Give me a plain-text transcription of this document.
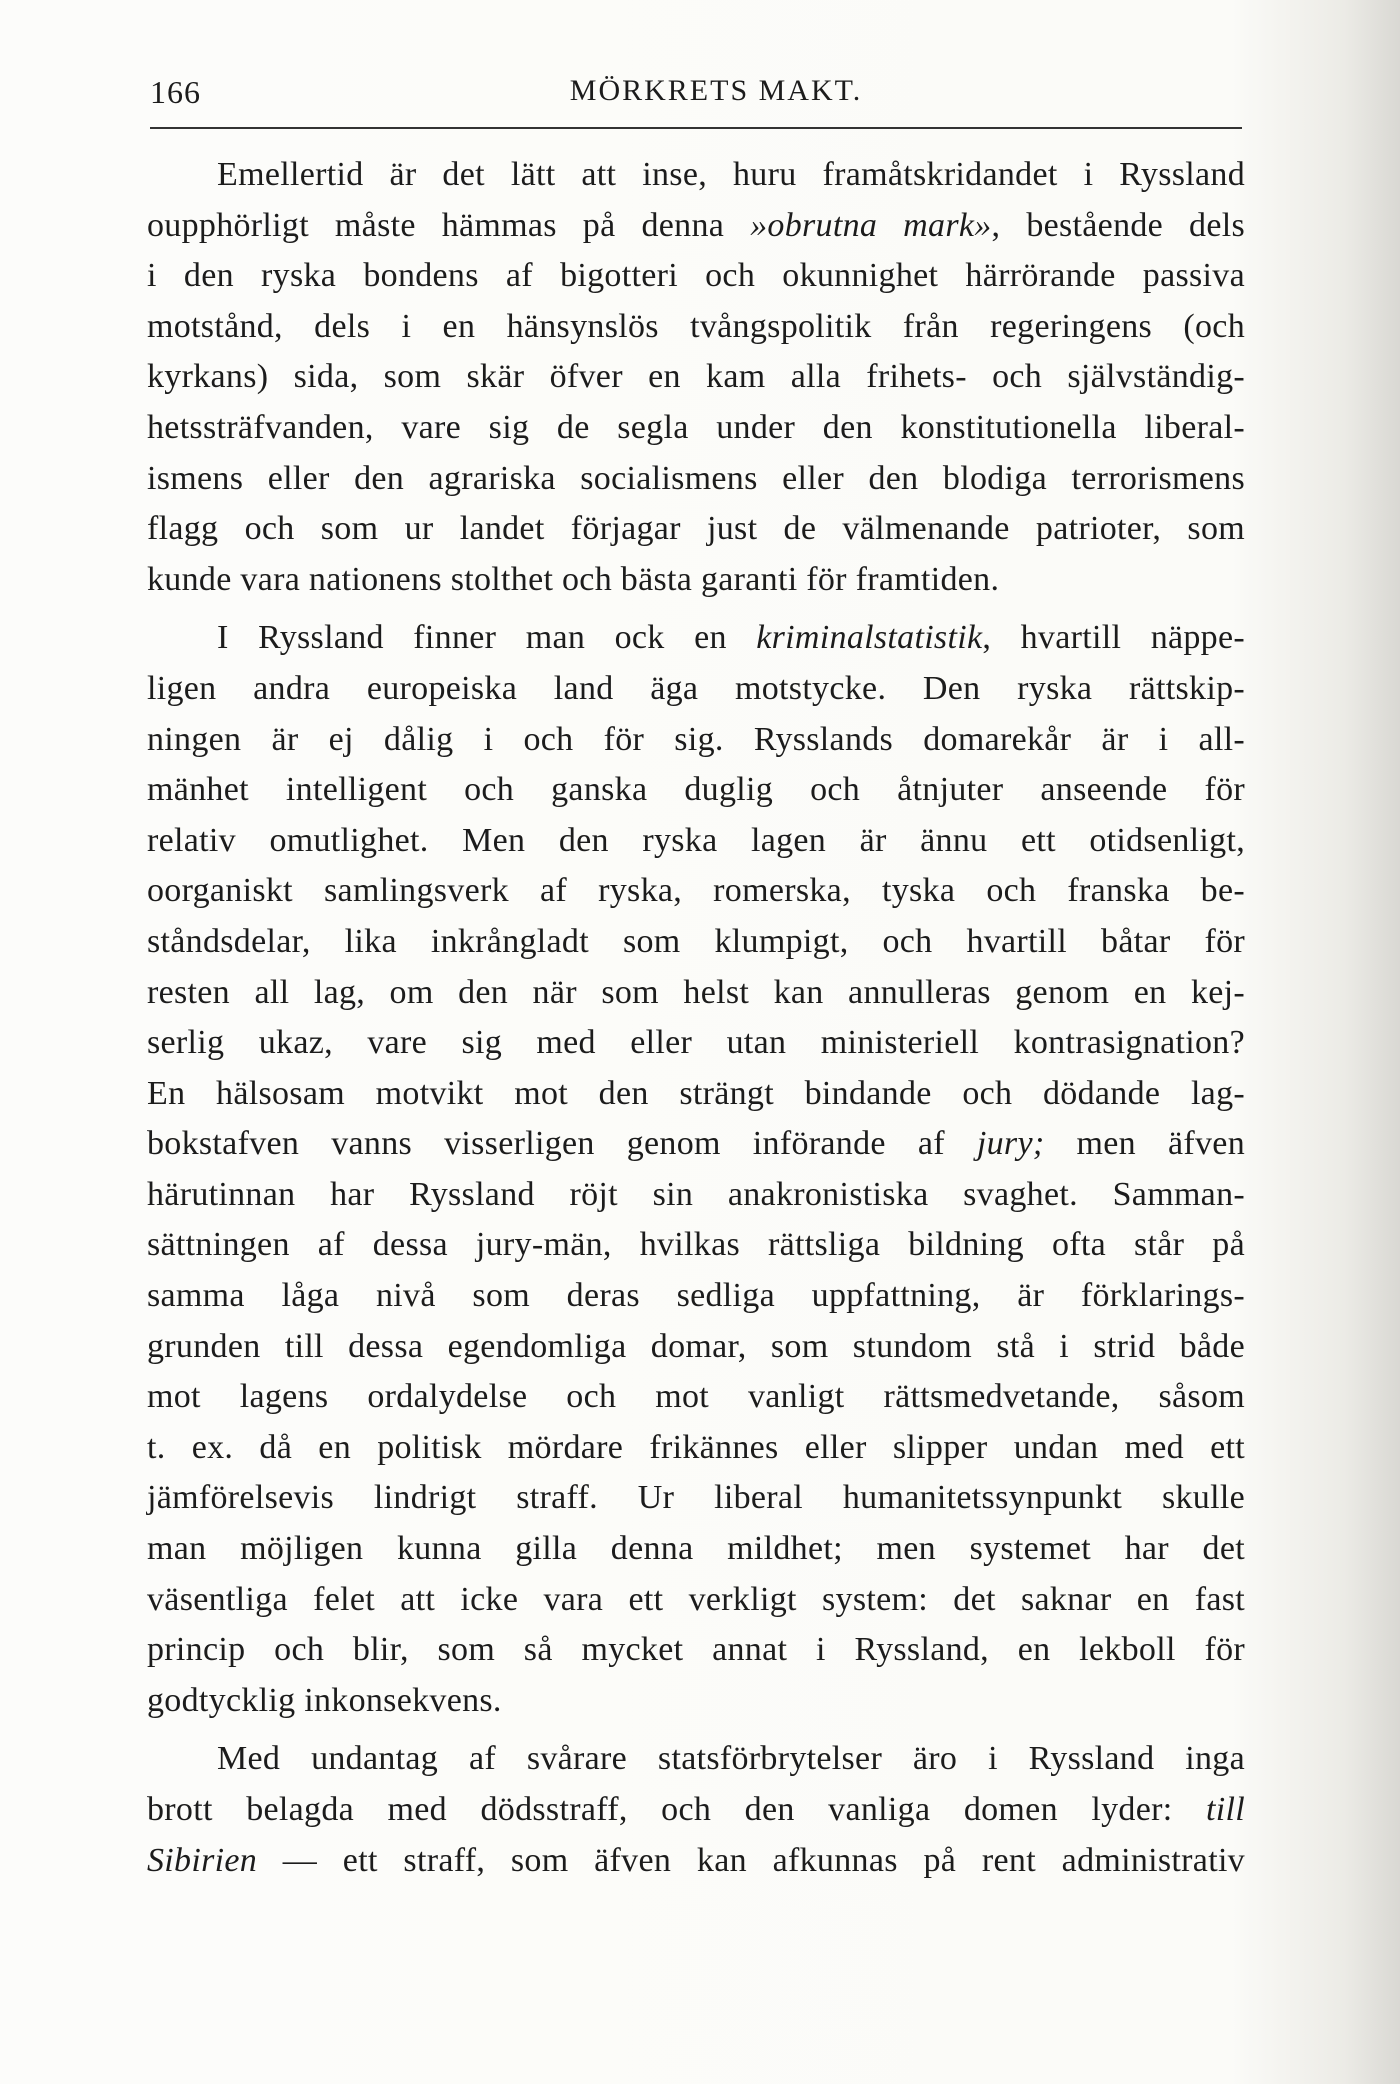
166	MÖRKRETS MAKT.
Emellertid är det lätt att inse, huru framåtskridandet i Ryssland
oupphörligt måste hämmas på denna »obrutna mark», bestående dels
i den ryska bondens af bigotteri och okunnighet härrörande passiva
motstånd, dels i en hänsynslös tvångspolitik från regeringens (och
kyrkans) sida, som skär öfver en kam alla frihets- och självständig-
hetssträfvanden, vare sig de segla under den konstitutionella liberal-
ismens eller den agrariska socialismens eller den blodiga terrorismens
flagg och som ur landet förjagar just de välmenande patrioter, som
kunde vara nationens stolthet och bästa garanti för framtiden.
I Ryssland finner man ock en kriminalstatistik, hvartill näppe-
ligen andra europeiska land äga motstycke. Den ryska rättskip-
ningen är ej dålig i och för sig. Rysslands domarekår är i all-
mänhet intelligent och ganska duglig och åtnjuter anseende för
relativ omutlighet. Men den ryska lagen är ännu ett otidsenligt,
oorganiskt samlingsverk af ryska, romerska, tyska och franska be-
ståndsdelar, lika inkrångladt som klumpigt, och hvartill båtar för
resten all lag, om den när som helst kan annulleras genom en kej-
serlig ukaz, vare sig med eller utan ministeriell kontrasignation?
En hälsosam motvikt mot den strängt bindande och dödande lag-
bokstafven vanns visserligen genom införande af jury; men äfven
härutinnan har Ryssland röjt sin anakronistiska svaghet. Samman-
sättningen af dessa jury-män, hvilkas rättsliga bildning ofta står på
samma låga nivå som deras sedliga uppfattning, är förklarings-
grunden till dessa egendomliga domar, som stundom stå i strid både
mot lagens ordalydelse och mot vanligt rättsmedvetande, såsom
t. ex. då en politisk mördare frikännes eller slipper undan med ett
jämförelsevis lindrigt straff. Ur liberal humanitetssynpunkt skulle
man möjligen kunna gilla denna mildhet; men systemet har det
väsentliga felet att icke vara ett verkligt system: det saknar en fast
princip och blir, som så mycket annat i Ryssland, en lekboll för
godtycklig inkonsekvens.
Med undantag af svårare statsförbrytelser äro i Ryssland inga
brott belagda med dödsstraff, och den vanliga domen lyder: till
Sibirien — ett straff, som äfven kan afkunnas på rent administrativ
